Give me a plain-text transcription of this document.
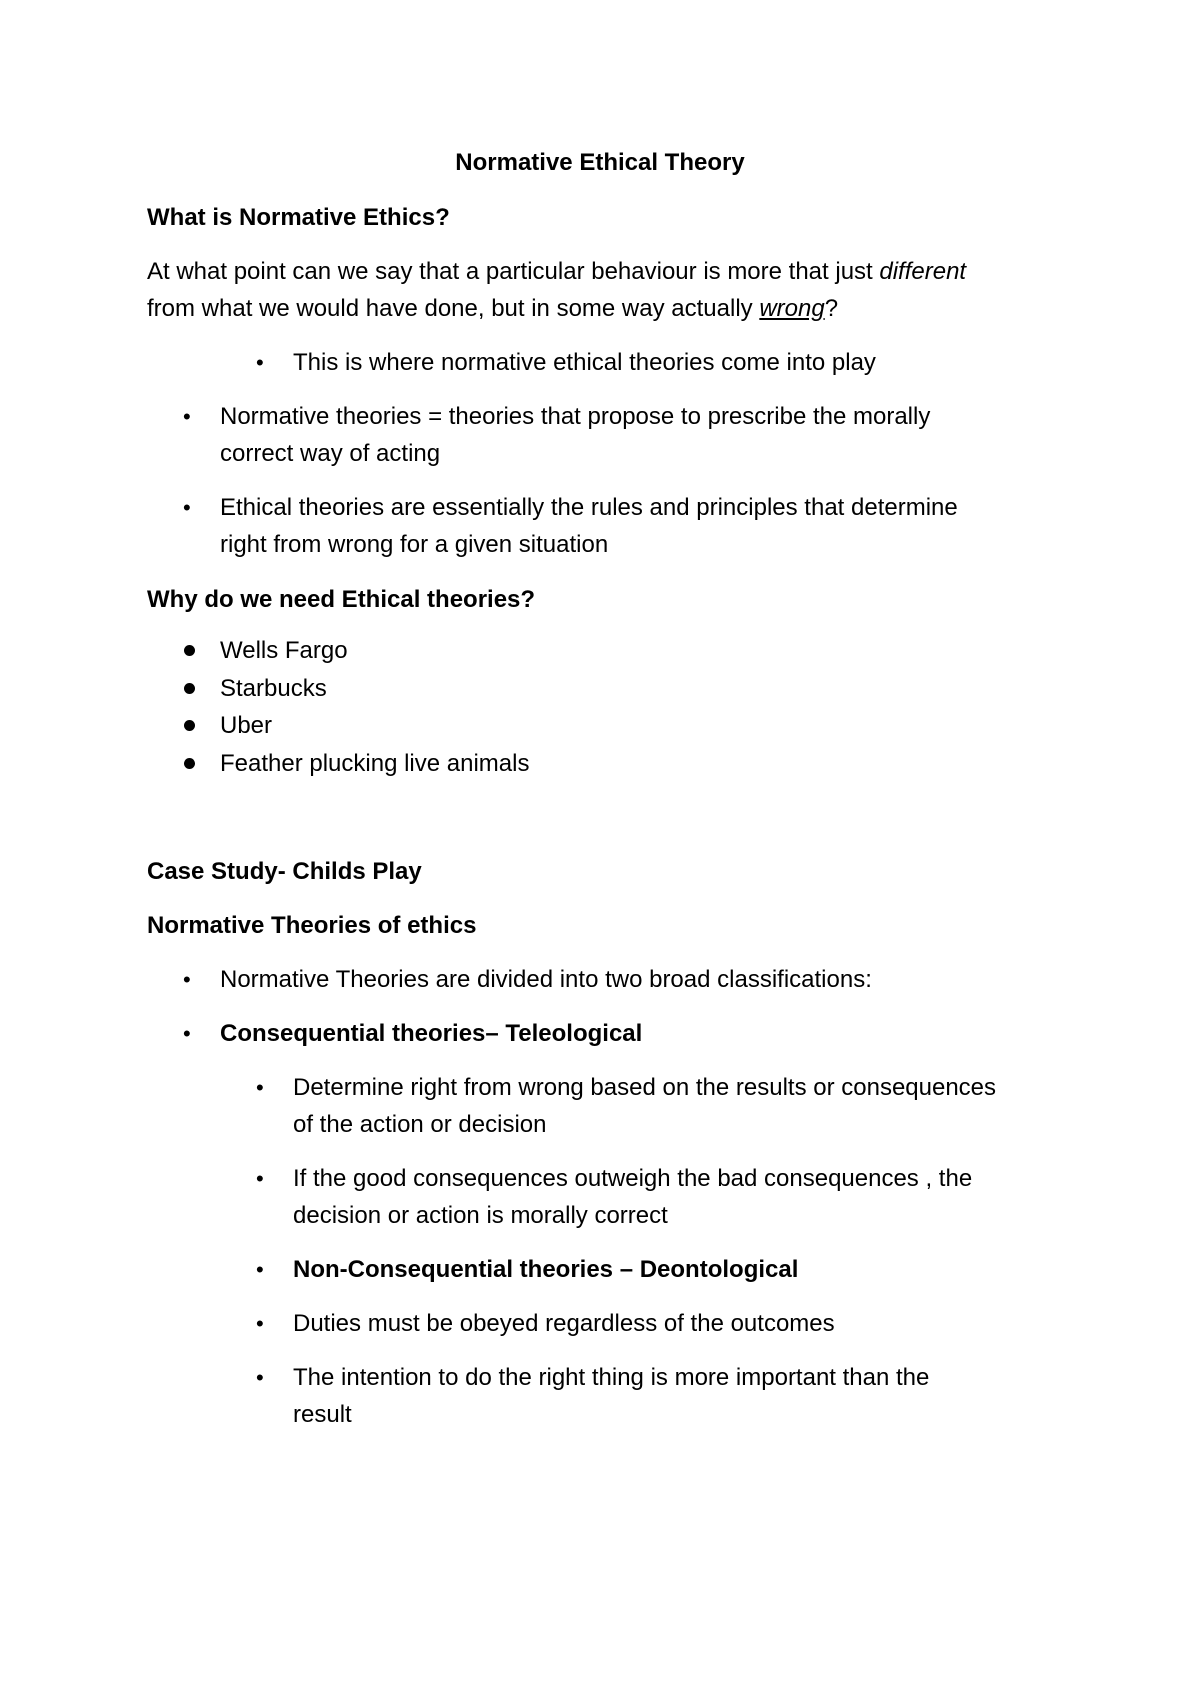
Normative Ethical Theory
What is Normative Ethics?
At what point can we say that a particular behaviour is more that just different
from what we would have done, but in some way actually wrong?
• This is where normative ethical theories come into play
• Normative theories = theories that propose to prescribe the morally
correct way of acting
• Ethical theories are essentially the rules and principles that determine
right from wrong for a given situation
Why do we need Ethical theories?
Wells Fargo
Starbucks
Uber
Feather plucking live animals
Case Study- Childs Play
Normative Theories of ethics
• Normative Theories are divided into two broad classifications:
• Consequential theories– Teleological
• Determine right from wrong based on the results or consequences
of the action or decision
• If the good consequences outweigh the bad consequences , the
decision or action is morally correct
• Non-Consequential theories – Deontological
• Duties must be obeyed regardless of the outcomes
• The intention to do the right thing is more important than the
result
